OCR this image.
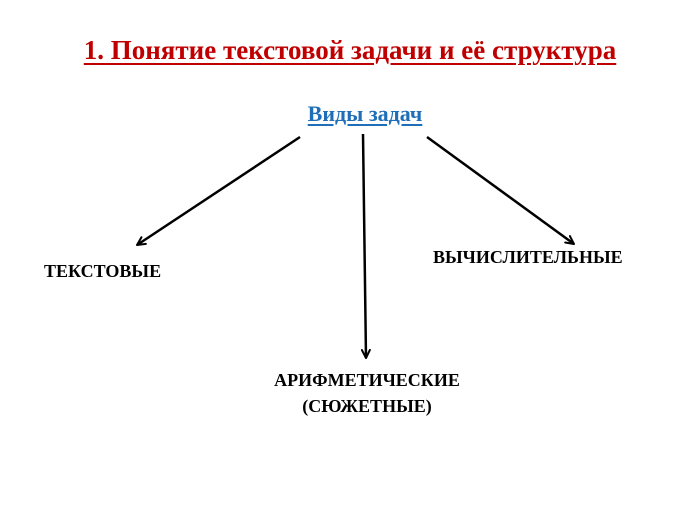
1. Понятие текстовой задачи и её структура
Виды задач
ТЕКСТОВЫЕ
ВЫЧИСЛИТЕЛЬНЫЕ
АРИФМЕТИЧЕСКИЕ
(СЮЖЕТНЫЕ)
